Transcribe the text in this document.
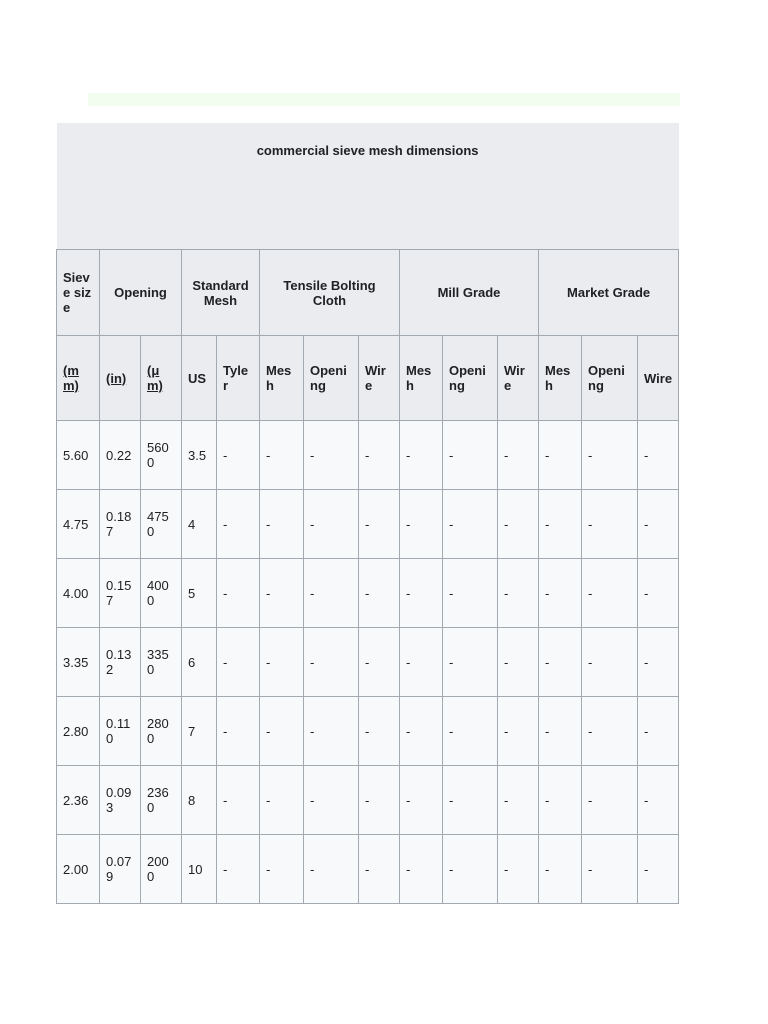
commercial sieve mesh dimensions													
Sieve size	Opening		Standard Mesh		Tensile Bolting Cloth			Mill Grade			Market Grade		
(mm)	(in)	(μm)	US	Tyler	Mesh	Opening	Wire	Mesh	Opening	Wire	Mesh	Opening	Wire
5.60	0.22	5600	3.5	-	-	-	-	-	-	-	-	-	-
4.75	0.187	4750	4	-	-	-	-	-	-	-	-	-	-
4.00	0.157	4000	5	-	-	-	-	-	-	-	-	-	-
3.35	0.132	3350	6	-	-	-	-	-	-	-	-	-	-
2.80	0.110	2800	7	-	-	-	-	-	-	-	-	-	-
2.36	0.093	2360	8	-	-	-	-	-	-	-	-	-	-
2.00	0.079	2000	10	-	-	-	-	-	-	-	-	-	-
